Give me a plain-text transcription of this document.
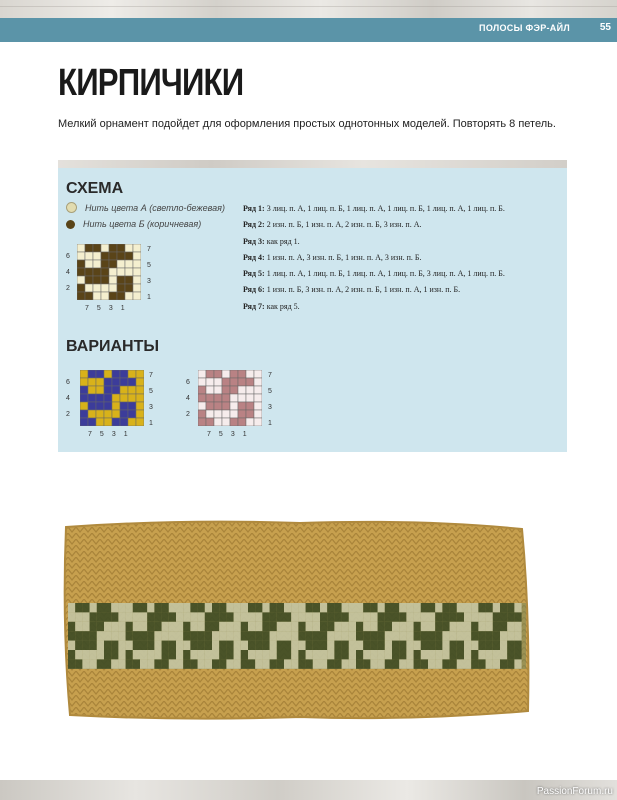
ПОЛОСЫ ФЭР-АЙЛ	55
КИРПИЧИКИ
Мелкий орнамент подойдет для оформления простых однотонных моделей. Повторять 8 петель.
СХЕМА
Нить цвета А (светло-бежевая)
Нить цвета Б (коричневая)
6
4
2
7
5
3
1
7 5 3 1
Ряд 1: 3 лиц. п. А, 1 лиц. п. Б, 1 лиц. п. А, 1 лиц. п. Б, 1 лиц. п. А, 1 лиц. п. Б.
Ряд 2: 2 изн. п. Б, 1 изн. п. А, 2 изн. п. Б, 3 изн. п. А.
Ряд 3: как ряд 1.
Ряд 4: 1 изн. п. А, 3 изн. п. Б, 1 изн. п. А, 3 изн. п. Б.
Ряд 5: 1 лиц. п. А, 1 лиц. п. Б, 1 лиц. п. А, 1 лиц. п. Б, 3 лиц. п. А, 1 лиц. п. Б.
Ряд 6: 1 изн. п. Б, 3 изн. п. А, 2 изн. п. Б, 1 изн. п. А, 1 изн. п. Б.
Ряд 7: как ряд 5.
ВАРИАНТЫ
6
4
2
7
5
3
1
7 5 3 1
6
4
2
7
5
3
1
7 5 3 1
PassionForum.ru
